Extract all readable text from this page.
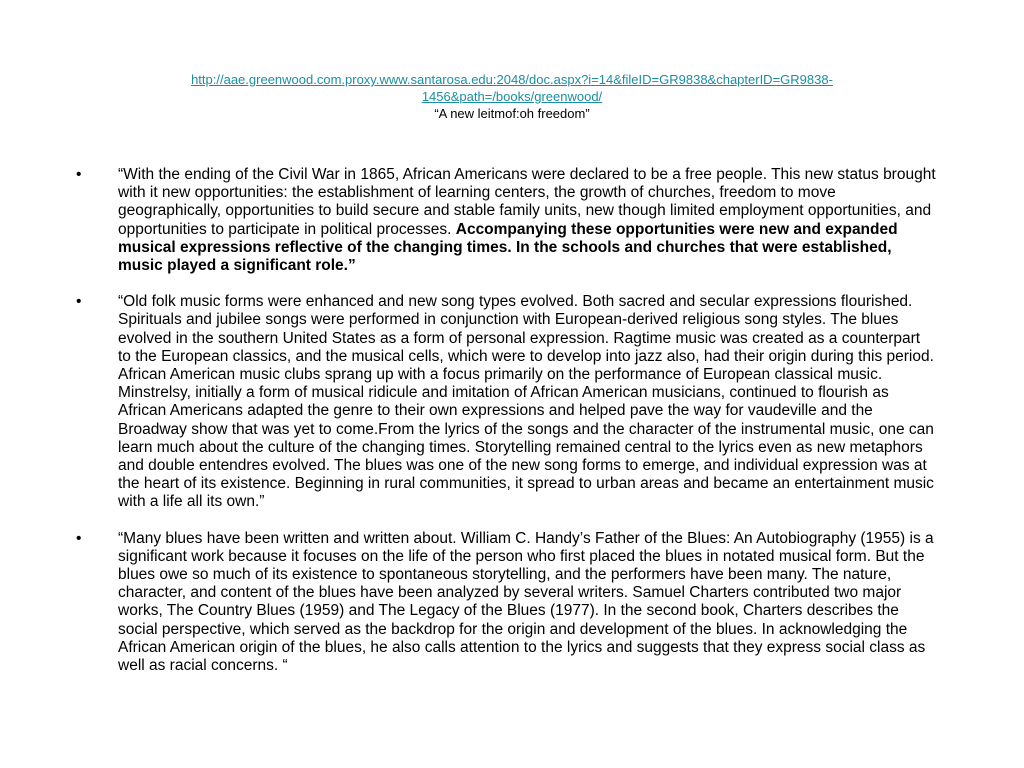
http://aae.greenwood.com.proxy.www.santarosa.edu:2048/doc.aspx?i=14&fileID=GR9838&chapterID=GR9838-
1456&path=/books/greenwood/
“A new leitmof:oh freedom”
•	“With the ending of the Civil War in 1865, African Americans were declared to be a free people. This new status brought with it new opportunities: the establishment of learning centers, the growth of churches, freedom to move geographically, opportunities to build secure and stable family units, new though limited employment opportunities, and opportunities to participate in political processes. Accompanying these opportunities were new and expanded musical expressions reflective of the changing times. In the schools and churches that were established, music played a significant role.”
•	“Old folk music forms were enhanced and new song types evolved. Both sacred and secular expressions flourished. Spirituals and jubilee songs were performed in conjunction with European-derived religious song styles. The blues evolved in the southern United States as a form of personal expression. Ragtime music was created as a counterpart to the European classics, and the musical cells, which were to develop into jazz also, had their origin during this period. African American music clubs sprang up with a focus primarily on the performance of European classical music. Minstrelsy, initially a form of musical ridicule and imitation of African American musicians, continued to flourish as African Americans adapted the genre to their own expressions and helped pave the way for vaudeville and the Broadway show that was yet to come.From the lyrics of the songs and the character of the instrumental music, one can learn much about the culture of the changing times. Storytelling remained central to the lyrics even as new metaphors and double entendres evolved. The blues was one of the new song forms to emerge, and individual expression was at the heart of its existence. Beginning in rural communities, it spread to urban areas and became an entertainment music with a life all its own.”
•	“Many blues have been written and written about. William C. Handy’s Father of the Blues: An Autobiography (1955) is a significant work because it focuses on the life of the person who first placed the blues in notated musical form. But the blues owe so much of its existence to spontaneous storytelling, and the performers have been many. The nature, character, and content of the blues have been analyzed by several writers. Samuel Charters contributed two major works, The Country Blues (1959) and The Legacy of the Blues (1977). In the second book, Charters describes the social perspective, which served as the backdrop for the origin and development of the blues. In acknowledging the African American origin of the blues, he also calls attention to the lyrics and suggests that they express social class as well as racial concerns. “
